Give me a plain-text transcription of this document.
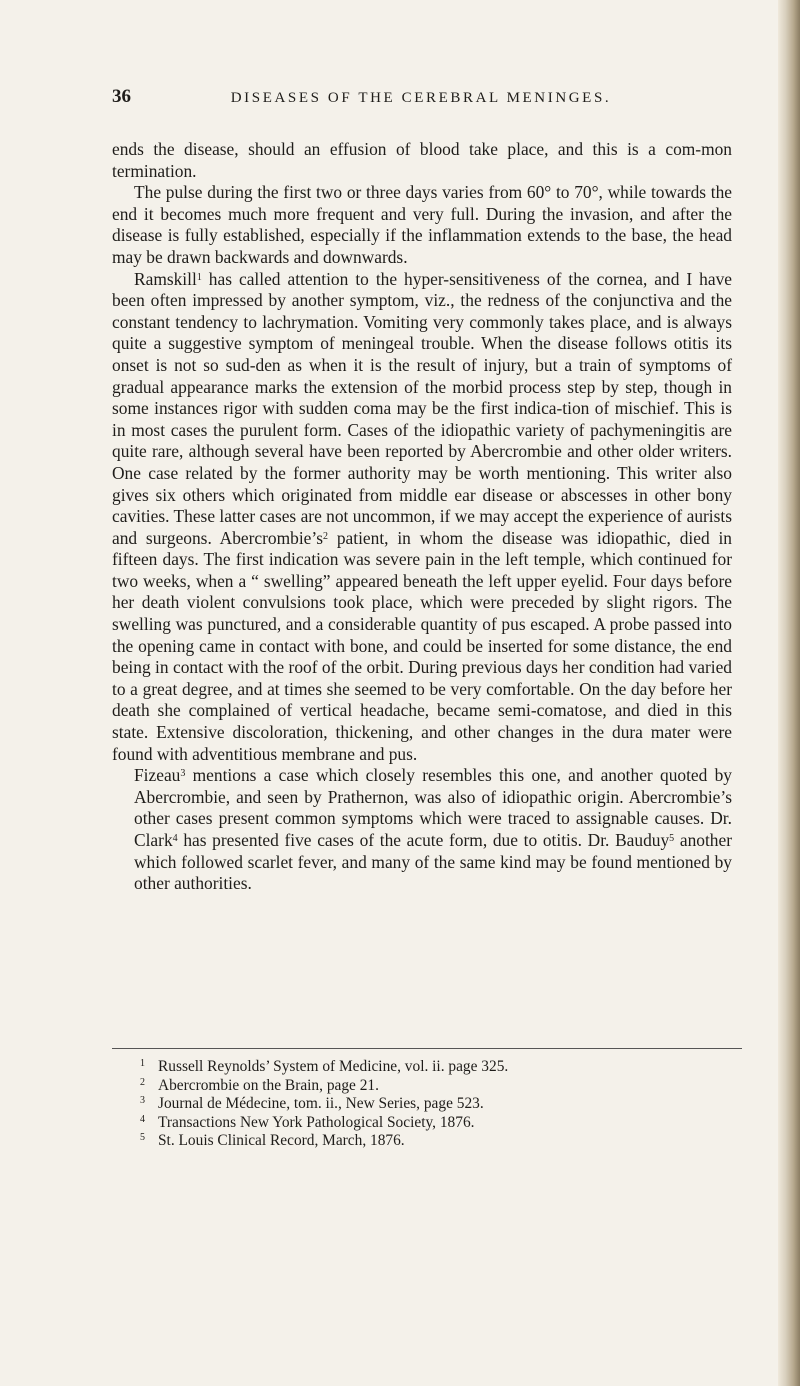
36	DISEASES OF THE CEREBRAL MENINGES.

ends the disease, should an effusion of blood take place, and this is a com-mon termination.

The pulse during the first two or three days varies from 60° to 70°, while towards the end it becomes much more frequent and very full. During the invasion, and after the disease is fully established, especially if the inflammation extends to the base, the head may be drawn backwards and downwards.

Ramskill$^1$ has called attention to the hyper-sensitiveness of the cornea, and I have been often impressed by another symptom, viz., the redness of the conjunctiva and the constant tendency to lachrymation. Vomiting very commonly takes place, and is always quite a suggestive symptom of meningeal trouble. When the disease follows otitis its onset is not so sud-den as when it is the result of injury, but a train of symptoms of gradual appearance marks the extension of the morbid process step by step, though in some instances rigor with sudden coma may be the first indica-tion of mischief. This is in most cases the purulent form. Cases of the idiopathic variety of pachymeningitis are quite rare, although several have been reported by Abercrombie and other older writers. One case related by the former authority may be worth mentioning. This writer also gives six others which originated from middle ear disease or abscesses in other bony cavities. These latter cases are not uncommon, if we may accept the experience of aurists and surgeons. $Abercrombie’s^2$ patient, in whom the disease was idiopathic, died in fifteen days. The first indication was severe pain in the left temple, which continued for two weeks, when a “ swelling” appeared beneath the left upper eyelid. Four days before her death violent convulsions took place, which were preceded by slight rigors. The swelling was punctured, and a considerable quantity of pus escaped. A probe passed into the opening came in contact with bone, and could be inserted for some distance, the end being in contact with the roof of the orbit. During previous days her condition had varied to a great degree, and at times she seemed to be very comfortable. On the day before her death she complained of vertical headache, became semi-comatose, and died in this state. Extensive discoloration, thickening, and other changes in the dura mater were found with adventitious membrane and pus.

Fizeau$^3$ mentions a case which closely resembles this one, and another quoted by Abercrombie, and seen by Prathernon, was also of idiopathic origin. Abercrombie’s other cases present common symptoms which were traced to assignable causes. Dr. Clark$^4$ has presented five cases of the acute form, due to otitis. Dr. Bauduy$^5$ another which followed scarlet fever, and many of the same kind may be found mentioned by other authorities.

1 Russell Reynolds’ System of Medicine, vol. ii. page 325.
2 Abercrombie on the Brain, page 21.
3 Journal de Médecine, tom. ii., New Series, page 523.
4 Transactions New York Pathological Society, 1876.
5 St. Louis Clinical Record, March, 1876.
